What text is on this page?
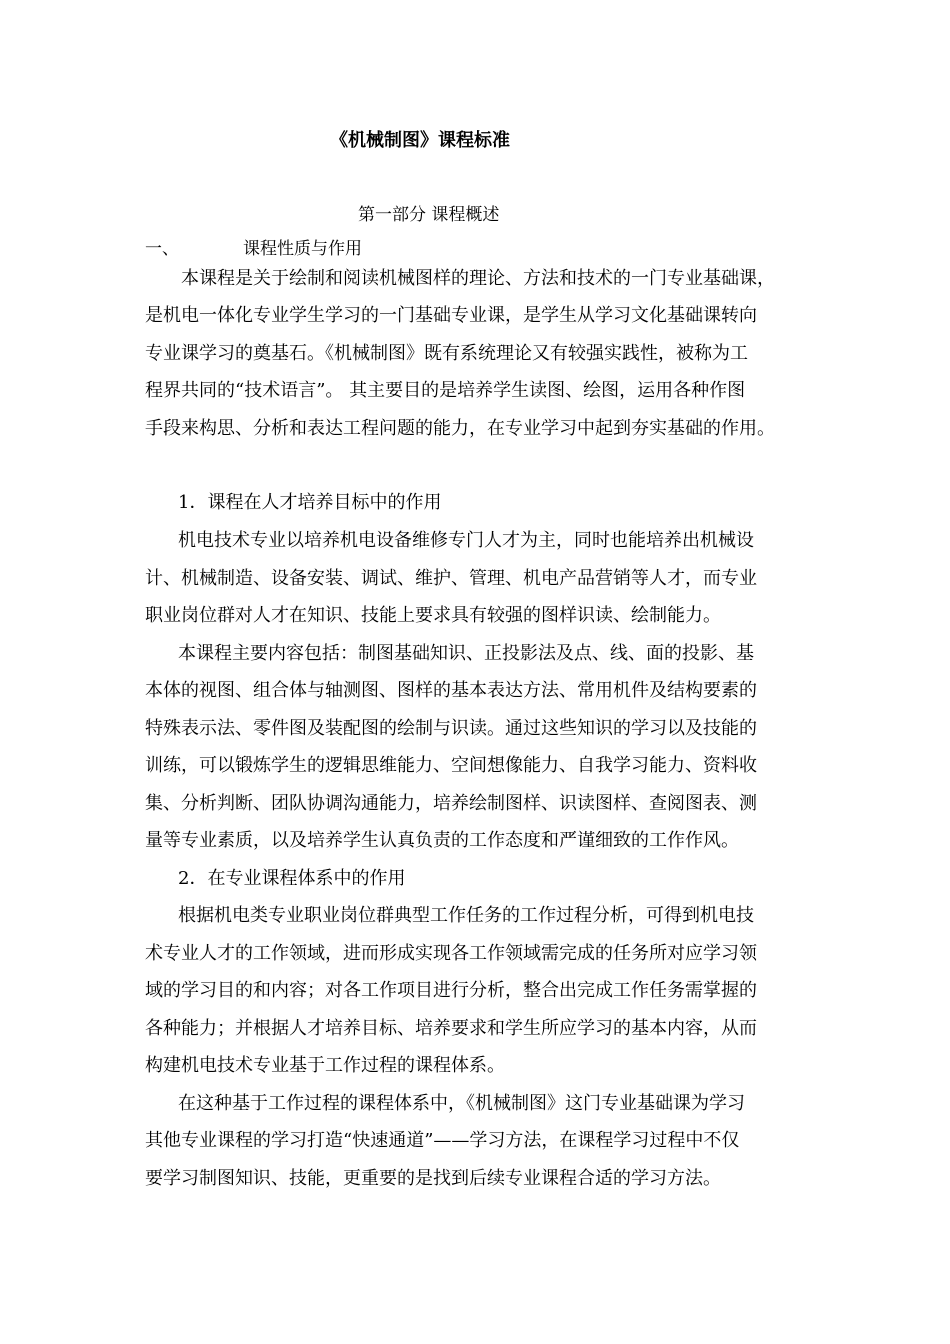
《机械制图》课程标准
第一部分 课程概述
一、	课程性质与作用
本课程是关于绘制和阅读机械图样的理论、方法和技术的一门专业基础课，
是机电一体化专业学生学习的一门基础专业课，是学生从学习文化基础课转向
专业课学习的奠基石。《机械制图》既有系统理论又有较强实践性，被称为工
程界共同的“技术语言”。 其主要目的是培养学生读图、绘图，运用各种作图
手段来构思、分析和表达工程问题的能力，在专业学习中起到夯实基础的作用。
1．课程在人才培养目标中的作用
机电技术专业以培养机电设备维修专门人才为主，同时也能培养出机械设
计、机械制造、设备安装、调试、维护、管理、机电产品营销等人才，而专业
职业岗位群对人才在知识、技能上要求具有较强的图样识读、绘制能力。
本课程主要内容包括：制图基础知识、正投影法及点、线、面的投影、基
本体的视图、组合体与轴测图、图样的基本表达方法、常用机件及结构要素的
特殊表示法、零件图及装配图的绘制与识读。通过这些知识的学习以及技能的
训练，可以锻炼学生的逻辑思维能力、空间想像能力、自我学习能力、资料收
集、分析判断、团队协调沟通能力，培养绘制图样、识读图样、查阅图表、测
量等专业素质，以及培养学生认真负责的工作态度和严谨细致的工作作风。
2．在专业课程体系中的作用
根据机电类专业职业岗位群典型工作任务的工作过程分析，可得到机电技
术专业人才的工作领域，进而形成实现各工作领域需完成的任务所对应学习领
域的学习目的和内容；对各工作项目进行分析，整合出完成工作任务需掌握的
各种能力；并根据人才培养目标、培养要求和学生所应学习的基本内容，从而
构建机电技术专业基于工作过程的课程体系。
在这种基于工作过程的课程体系中，《机械制图》这门专业基础课为学习
其他专业课程的学习打造“快速通道”——学习方法，在课程学习过程中不仅
要学习制图知识、技能，更重要的是找到后续专业课程合适的学习方法。
